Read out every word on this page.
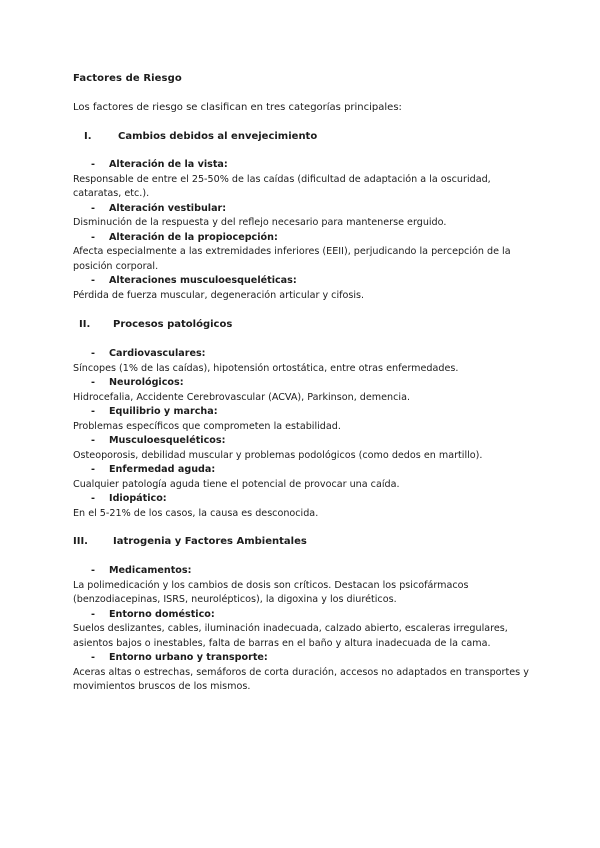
Factores de Riesgo
Los factores de riesgo se clasifican en tres categorías principales:
I.	Cambios debidos al envejecimiento
- Alteración de la vista:
Responsable de entre el 25-50% de las caídas (dificultad de adaptación a la oscuridad, cataratas, etc.).
- Alteración vestibular:
Disminución de la respuesta y del reflejo necesario para mantenerse erguido.
- Alteración de la propiocepción:
Afecta especialmente a las extremidades inferiores (EEII), perjudicando la percepción de la posición corporal.
- Alteraciones musculoesqueléticas:
Pérdida de fuerza muscular, degeneración articular y cifosis.
II. Procesos patológicos
- Cardiovasculares:
Síncopes (1% de las caídas), hipotensión ortostática, entre otras enfermedades.
- Neurológicos:
Hidrocefalia, Accidente Cerebrovascular (ACVA), Parkinson, demencia.
- Equilibrio y marcha:
Problemas específicos que comprometen la estabilidad.
- Musculoesqueléticos:
Osteoporosis, debilidad muscular y problemas podológicos (como dedos en martillo).
- Enfermedad aguda:
Cualquier patología aguda tiene el potencial de provocar una caída.
- Idiopático:
En el 5-21% de los casos, la causa es desconocida.
III.	Iatrogenia y Factores Ambientales
- Medicamentos:
La polimedicación y los cambios de dosis son críticos. Destacan los psicofármacos (benzodiacepinas, ISRS, neurolépticos), la digoxina y los diuréticos.
- Entorno doméstico:
Suelos deslizantes, cables, iluminación inadecuada, calzado abierto, escaleras irregulares, asientos bajos o inestables, falta de barras en el baño y altura inadecuada de la cama.
- Entorno urbano y transporte:
Aceras altas o estrechas, semáforos de corta duración, accesos no adaptados en transportes y movimientos bruscos de los mismos.
